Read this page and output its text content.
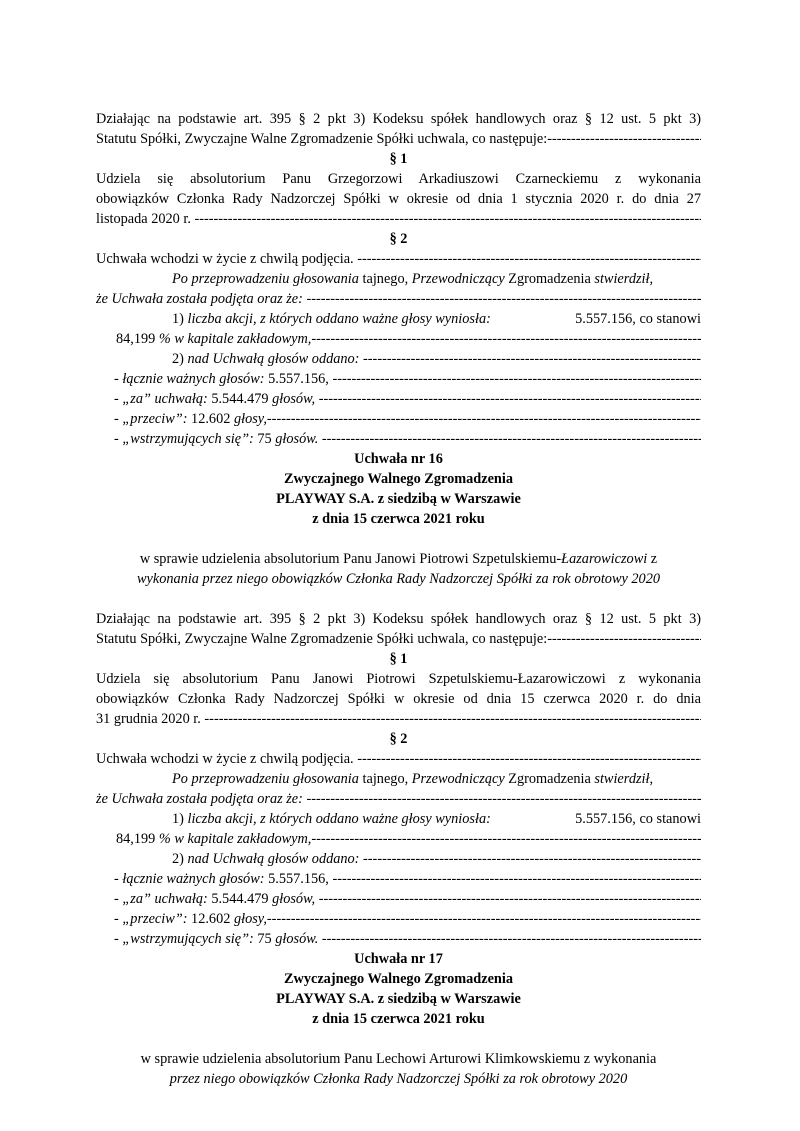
Działając na podstawie art. 395 § 2 pkt 3) Kodeksu spółek handlowych oraz § 12 ust. 5 pkt 3)
Statutu Spółki, Zwyczajne Walne Zgromadzenie Spółki uchwala, co następuje:
-----
§ 1
Udziela się absolutorium Panu Grzegorzowi Arkadiuszowi Czarneckiemu z wykonania
obowiązków Członka Rady Nadzorczej Spółki w okresie od dnia 1 stycznia 2020 r. do dnia 27
listopada 2020 r.

-----
§ 2
Uchwała wchodzi w życie z chwilą podjęcia.

-----
Po przeprowadzeniu głosowania tajnego, Przewodniczący Zgromadzenia stwierdził,
że Uchwała została podjęta oraz że:

-----
1) liczba akcji, z których oddano ważne głosy wyniosła:	5.557.156, co stanowi
84,199 % w kapitale zakładowym,
-----
2) nad Uchwałą głosów oddano:

-----
- łącznie ważnych głosów: 5.557.156,

-----
- „za” uchwałą: 5.544.479 głosów,

-----
- „przeciw”: 12.602 głosy,
-----
- „wstrzymujących się”: 75 głosów.

-----
Uchwała nr 16
Zwyczajnego Walnego Zgromadzenia
PLAYWAY S.A. z siedzibą w Warszawie
z dnia 15 czerwca 2021 roku
w sprawie udzielenia absolutorium Panu Janowi Piotrowi Szpetulskiemu-Łazarowiczowi z
wykonania przez niego obowiązków Członka Rady Nadzorczej Spółki za rok obrotowy 2020
Działając na podstawie art. 395 § 2 pkt 3) Kodeksu spółek handlowych oraz § 12 ust. 5 pkt 3)
Statutu Spółki, Zwyczajne Walne Zgromadzenie Spółki uchwala, co następuje:
-----
§ 1
Udziela się absolutorium Panu Janowi Piotrowi Szpetulskiemu-Łazarowiczowi z wykonania
obowiązków Członka Rady Nadzorczej Spółki w okresie od dnia 15 czerwca 2020 r. do dnia
31 grudnia 2020 r.

-----
§ 2
Uchwała wchodzi w życie z chwilą podjęcia.

-----
Po przeprowadzeniu głosowania tajnego, Przewodniczący Zgromadzenia stwierdził,
że Uchwała została podjęta oraz że:

-----
1) liczba akcji, z których oddano ważne głosy wyniosła:	5.557.156, co stanowi
84,199 % w kapitale zakładowym,
-----
2) nad Uchwałą głosów oddano:

-----
- łącznie ważnych głosów: 5.557.156,

-----
- „za” uchwałą: 5.544.479 głosów,

-----
- „przeciw”: 12.602 głosy,
-----
- „wstrzymujących się”: 75 głosów.

-----
Uchwała nr 17
Zwyczajnego Walnego Zgromadzenia
PLAYWAY S.A. z siedzibą w Warszawie
z dnia 15 czerwca 2021 roku
w sprawie udzielenia absolutorium Panu Lechowi Arturowi Klimkowskiemu z wykonania
przez niego obowiązków Członka Rady Nadzorczej Spółki za rok obrotowy 2020
